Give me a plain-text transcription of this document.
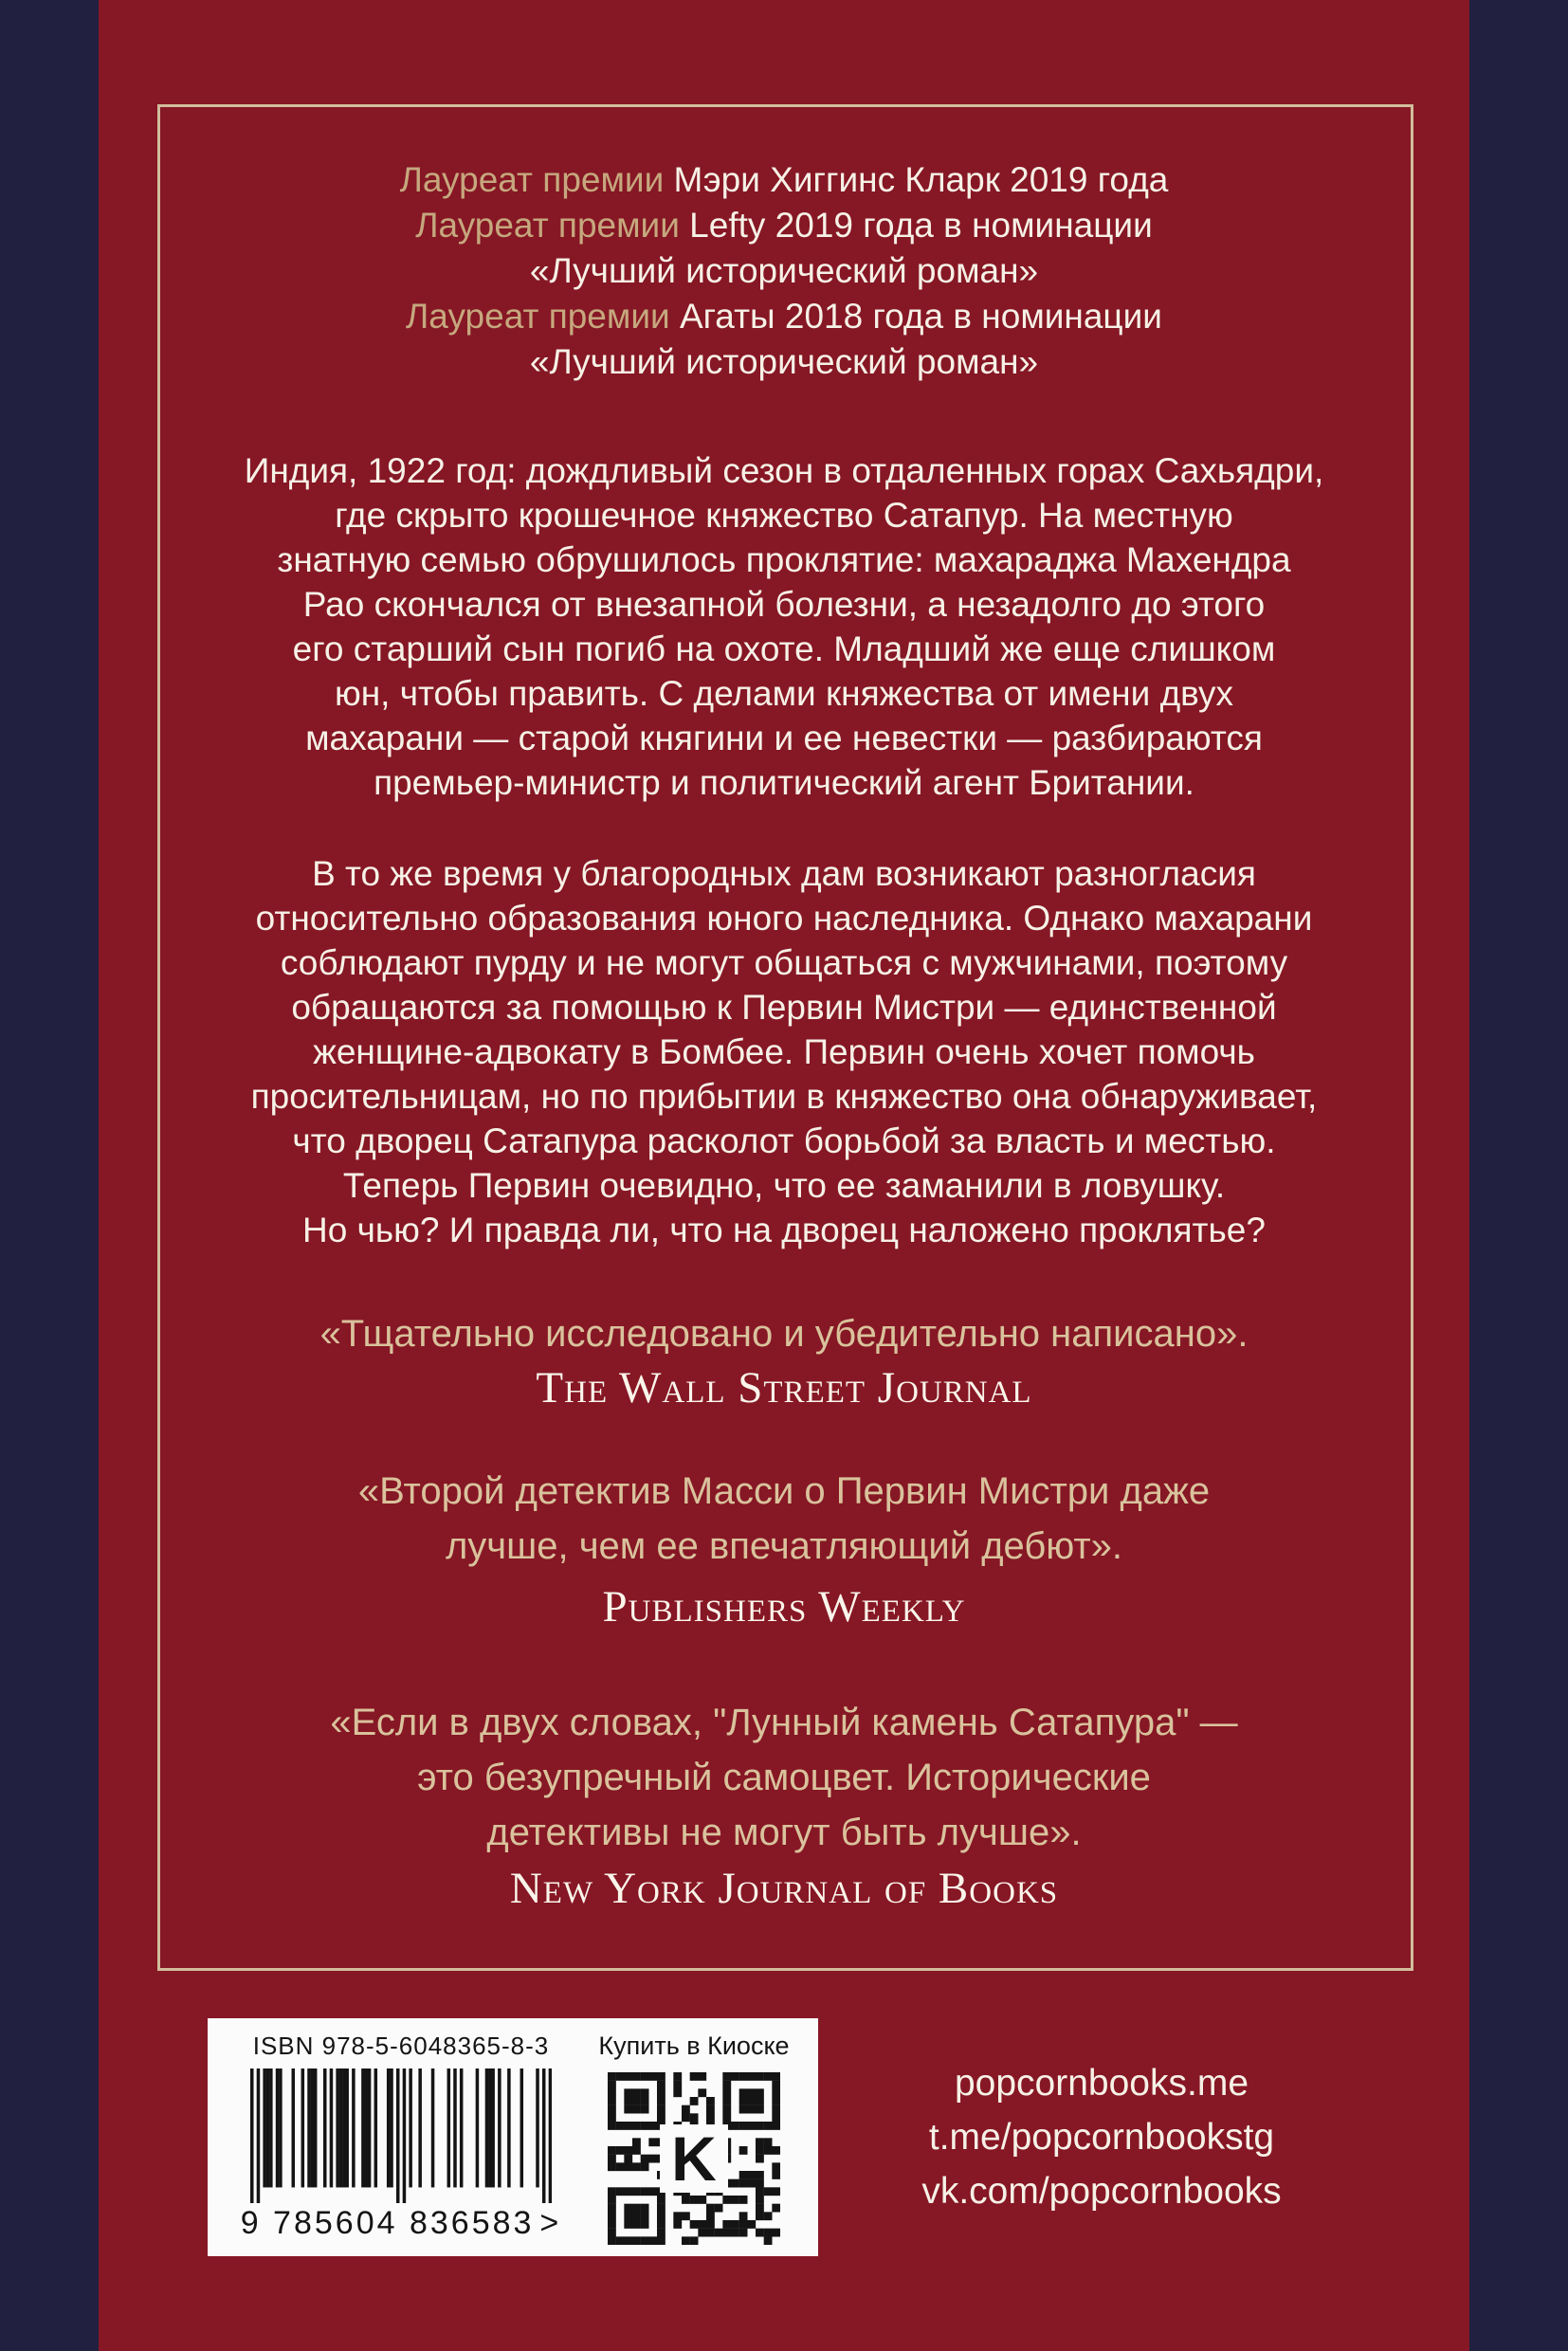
Лауреат премии Мэри Хиггинс Кларк 2019 года
Лауреат премии Lefty 2019 года в номинации
«Лучший исторический роман»
Лауреат премии Агаты 2018 года в номинации
«Лучший исторический роман»
Индия, 1922 год: дождливый сезон в отдаленных горах Сахьядри,
где скрыто крошечное княжество Сатапур. На местную
знатную семью обрушилось проклятие: махараджа Махендра
Рао скончался от внезапной болезни, а незадолго до этого
его старший сын погиб на охоте. Младший же еще слишком
юн, чтобы править. С делами княжества от имени двух
махарани — старой княгини и ее невестки — разбираются
премьер-министр и политический агент Британии.
В то же время у благородных дам возникают разногласия
относительно образования юного наследника. Однако махарани
соблюдают пурду и не могут общаться с мужчинами, поэтому
обращаются за помощью к Первин Мистри — единственной
женщине-адвокату в Бомбее. Первин очень хочет помочь
просительницам, но по прибытии в княжество она обнаруживает,
что дворец Сатапура расколот борьбой за власть и местью.
Теперь Первин очевидно, что ее заманили в ловушку.
Но чью? И правда ли, что на дворец наложено проклятье?
«Тщательно исследовано и убедительно написано».
The Wall Street Journal
«Второй детектив Масси о Первин Мистри даже
лучше, чем ее впечатляющий дебют».
Publishers Weekly
«Если в двух словах, "Лунный камень Сатапура" —
это безупречный самоцвет. Исторические
детективы не могут быть лучше».
New York Journal of Books
ISBN 978-5-6048365-8-3
9 785604 836583 >
Купить в Киоске
K
popcornbooks.me
t.me/popcornbookstg
vk.com/popcornbooks
